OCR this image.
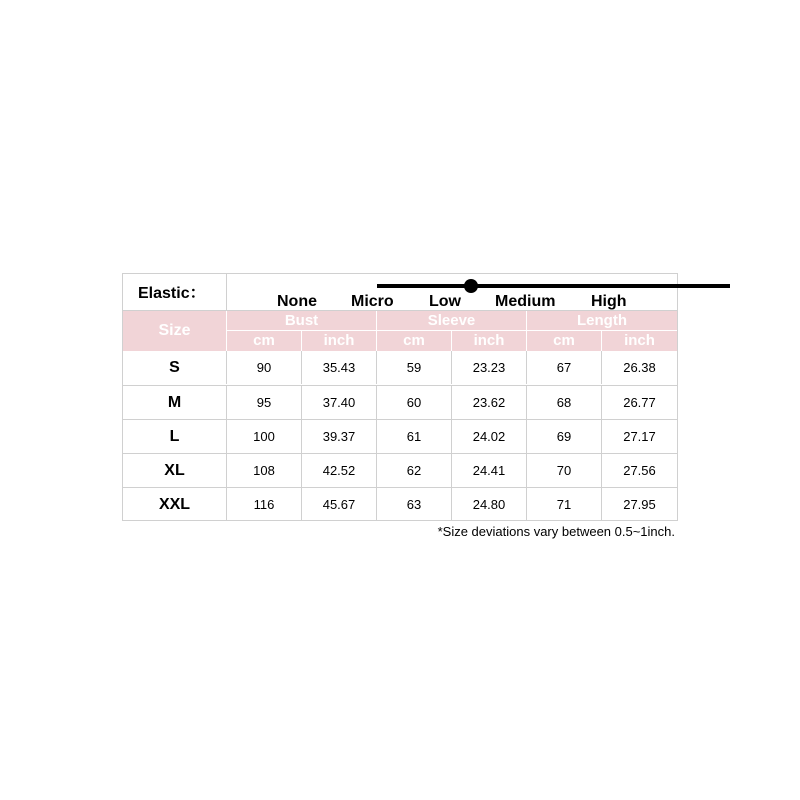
Elastic：	None Micro Low Medium High
Size
Bust	Sleeve	Length
cm	inch	cm	inch	cm	inch
S	90	35.43	59	23.23	67	26.38
M	95	37.40	60	23.62	68	26.77
L	100	39.37	61	24.02	69	27.17
XL	108	42.52	62	24.41	70	27.56
XXL	116	45.67	63	24.80	71	27.95
*Size deviations vary between 0.5~1inch.
